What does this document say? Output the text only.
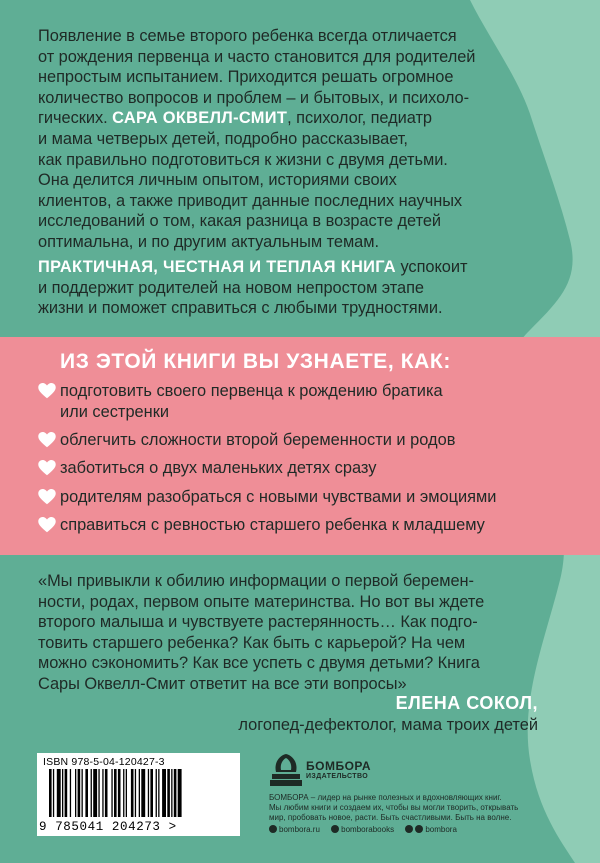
Появление в семье второго ребенка всегда отличается
от рождения первенца и часто становится для родителей
непростым испытанием. Приходится решать огромное
количество вопросов и проблем – и бытовых, и психоло-
гических. САРА ОКВЕЛЛ-СМИТ, психолог, педиатр
и мама четверых детей, подробно рассказывает,
как правильно подготовиться к жизни с двумя детьми.
Она делится личным опытом, историями своих
клиентов, а также приводит данные последних научных
исследований о том, какая разница в возрасте детей
оптимальна, и по другим актуальным темам.
ПРАКТИЧНАЯ, ЧЕСТНАЯ И ТЕПЛАЯ КНИГА успокоит
и поддержит родителей на новом непростом этапе
жизни и поможет справиться с любыми трудностями.
ИЗ ЭТОЙ КНИГИ ВЫ УЗНАЕТЕ, КАК:
подготовить своего первенца к рождению братика
или сестренки
облегчить сложности второй беременности и родов
заботиться о двух маленьких детях сразу
родителям разобраться с новыми чувствами и эмоциями
справиться с ревностью старшего ребенка к младшему
«Мы привыкли к обилию информации о первой беремен-
ности, родах, первом опыте материнства. Но вот вы ждете
второго малыша и чувствуете растерянность… Как подго-
товить старшего ребенка? Как быть с карьерой? На чем
можно сэкономить? Как все успеть с двумя детьми? Книга
Сары Оквелл-Смит ответит на все эти вопросы»
ЕЛЕНА СОКОЛ,
логопед-дефектолог, мама троих детей
ISBN 978-5-04-120427-3
9 785041 204273 >
БОМБОРА
ИЗДАТЕЛЬСТВО
БОМБОРА – лидер на рынке полезных и вдохновляющих книг.
Мы любим книги и создаем их, чтобы вы могли творить, открывать
мир, пробовать новое, расти. Быть счастливыми. Быть на волне.
bombora.ru	bomborabooks	bombora
